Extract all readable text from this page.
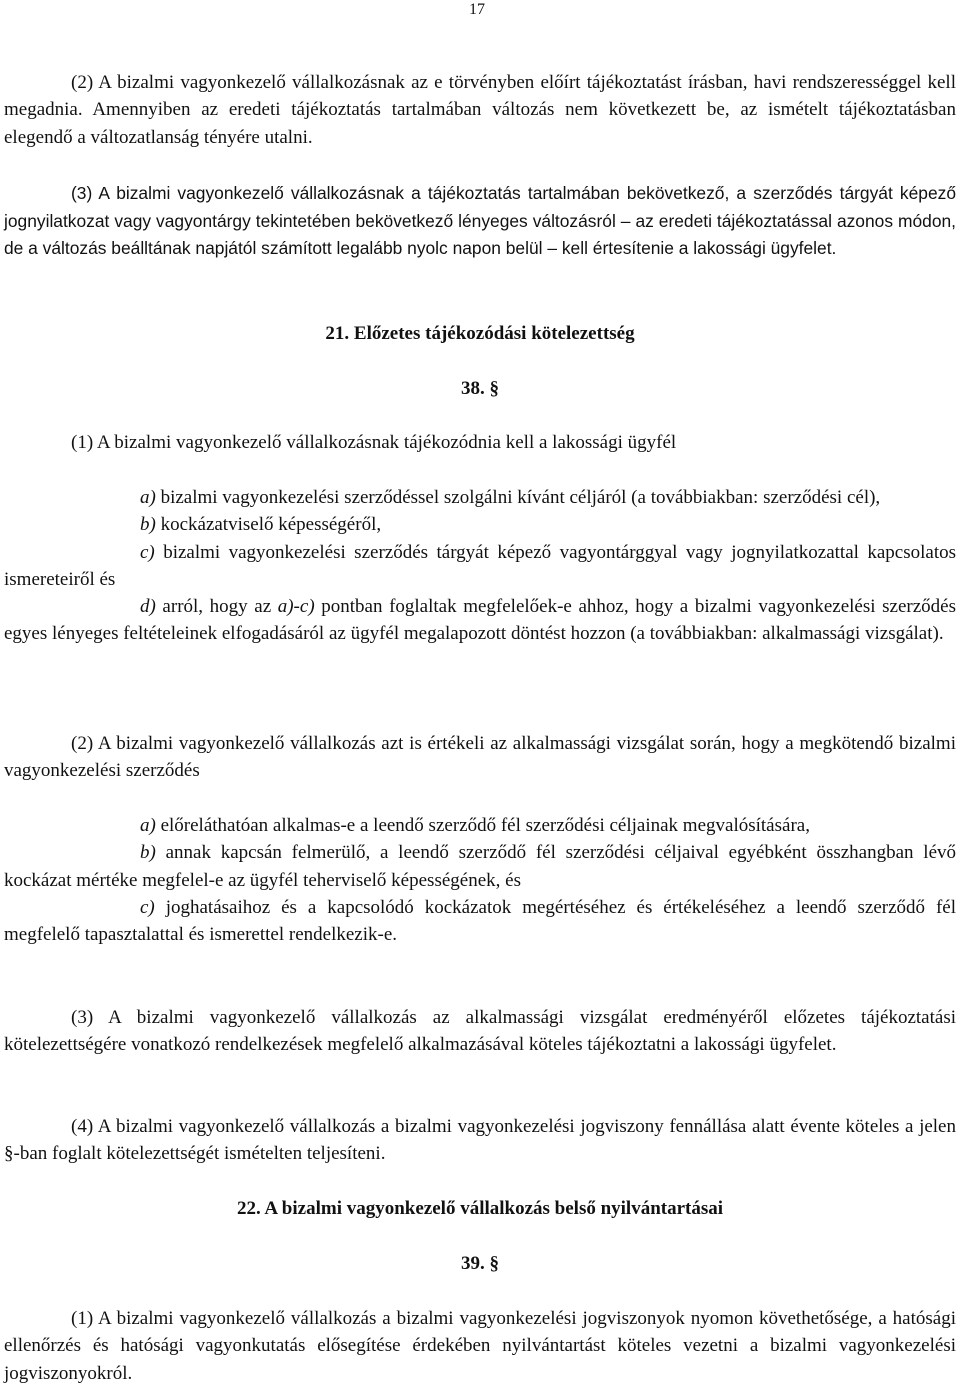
17

(2) A bizalmi vagyonkezelő vállalkozásnak az e törvényben előírt tájékoztatást írásban, havi rendszerességgel kell megadnia. Amennyiben az eredeti tájékoztatás tartalmában változás nem következett be, az ismételt tájékoztatásban elegendő a változatlanság tényére utalni.

(3) A bizalmi vagyonkezelő vállalkozásnak a tájékoztatás tartalmában bekövetkező, a szerződés tárgyát képező jognyilatkozat vagy vagyontárgy tekintetében bekövetkező lényeges változásról – az eredeti tájékoztatással azonos módon, de a változás beálltának napjától számított legalább nyolc napon belül – kell értesítenie a lakossági ügyfelet.

21. Előzetes tájékozódási kötelezettség

38. §

(1) A bizalmi vagyonkezelő vállalkozásnak tájékozódnia kell a lakossági ügyfél

a) bizalmi vagyonkezelési szerződéssel szolgálni kívánt céljáról (a továbbiakban: szerződési cél),
b) kockázatviselő képességéről,
c) bizalmi vagyonkezelési szerződés tárgyát képező vagyontárggyal vagy jognyilatkozattal kapcsolatos ismereteiről és
d) arról, hogy az a)-c) pontban foglaltak megfelelőek-e ahhoz, hogy a bizalmi vagyonkezelési szerződés egyes lényeges feltételeinek elfogadásáról az ügyfél megalapozott döntést hozzon (a továbbiakban: alkalmassági vizsgálat).

(2) A bizalmi vagyonkezelő vállalkozás azt is értékeli az alkalmassági vizsgálat során, hogy a megkötendő bizalmi vagyonkezelési szerződés

a) előreláthatóan alkalmas-e a leendő szerződő fél szerződési céljainak megvalósítására,
b) annak kapcsán felmerülő, a leendő szerződő fél szerződési céljaival egyébként összhangban lévő kockázat mértéke megfelel-e az ügyfél teherviselő képességének, és
c) joghatásaihoz és a kapcsolódó kockázatok megértéséhez és értékeléséhez a leendő szerződő fél megfelelő tapasztalattal és ismerettel rendelkezik-e.

(3) A bizalmi vagyonkezelő vállalkozás az alkalmassági vizsgálat eredményéről előzetes tájékoztatási kötelezettségére vonatkozó rendelkezések megfelelő alkalmazásával köteles tájékoztatni a lakossági ügyfelet.

(4) A bizalmi vagyonkezelő vállalkozás a bizalmi vagyonkezelési jogviszony fennállása alatt évente köteles a jelen §-ban foglalt kötelezettségét ismételten teljesíteni.

22. A bizalmi vagyonkezelő vállalkozás belső nyilvántartásai

39. §

(1) A bizalmi vagyonkezelő vállalkozás a bizalmi vagyonkezelési jogviszonyok nyomon követhetősége, a hatósági ellenőrzés és hatósági vagyonkutatás elősegítése érdekében nyilvántartást köteles vezetni a bizalmi vagyonkezelési jogviszonyokról.
